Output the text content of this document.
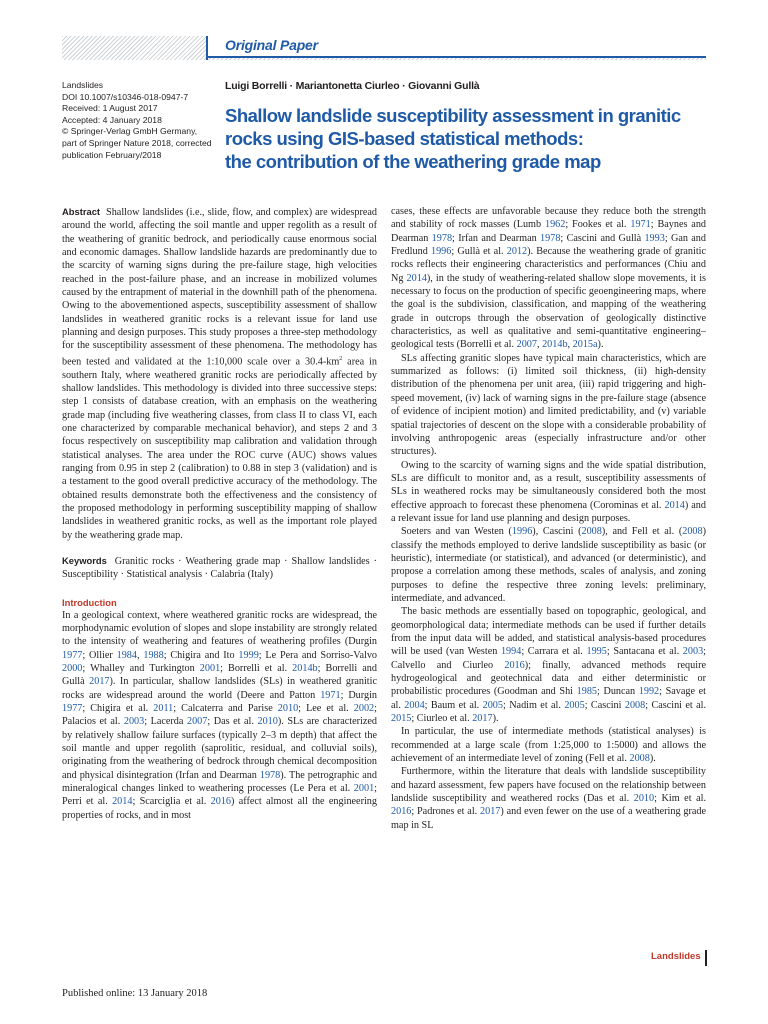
Original Paper
Landslides
DOI 10.1007/s10346-018-0947-7
Received: 1 August 2017
Accepted: 4 January 2018
© Springer-Verlag GmbH Germany,
part of Springer Nature 2018, corrected
publication February/2018
Luigi Borrelli · Mariantonetta Ciurleo · Giovanni Gullà
Shallow landslide susceptibility assessment in granitic
rocks using GIS-based statistical methods:
the contribution of the weathering grade map

Abstract Shallow landslides (i.e., slide, flow, and complex) are widespread around the world, affecting the soil mantle and upper regolith as a result of the weathering of granitic bedrock, and periodically cause enormous social and economic damages. Shallow landslide hazards are predominantly due to the scarcity of warning signs during the pre-failure stage, high velocities reached in the post-failure phase, and an increase in mobilized volumes caused by the entrapment of material in the downhill path of the phenomena. Owing to the abovementioned aspects, susceptibility assessment of shallow landslides in weathered granitic rocks is a relevant issue for land use planning and design purposes. This study proposes a three-step methodology for the susceptibility assessment of these phenomena. The methodology has been tested and validated at the 1:10,000 scale over a $30.4-km^2$ area in southern Italy, where weathered granitic rocks are periodically affected by shallow landslides. This methodology is divided into three successive steps: step 1 consists of database creation, with an emphasis on the weathering grade map (including five weathering classes, from class II to class VI, each one characterized by comparable mechanical behavior), and steps 2 and 3 focus respectively on susceptibility map calibration and validation through statistical analyses. The area under the ROC curve (AUC) shows values ranging from 0.95 in step 2 (calibration) to 0.88 in step 3 (validation) and is a testament to the good overall predictive accuracy of the methodology. The obtained results demonstrate both the effectiveness and the consistency of the proposed methodology in performing susceptibility mapping of shallow landslides in weathered granitic rocks, as well as the important role played by the weathering grade map.

Keywords Granitic rocks · Weathering grade map · Shallow landslides · Susceptibility · Statistical analysis · Calabria (Italy)

Introduction

In a geological context, where weathered granitic rocks are widespread, the morphodynamic evolution of slopes and slope instability are strongly related to the intensity of weathering and features of weathering profiles (Durgin 1977; Ollier 1984, 1988; Chigira and Ito 1999; Le Pera and Sorriso-Valvo 2000; Whalley and Turkington 2001; Borrelli et al. 2014b; Borrelli and Gullà 2017). In particular, shallow landslides (SLs) in weathered granitic rocks are widespread around the world (Deere and Patton 1971; Durgin 1977; Chigira et al. 2011; Calcaterra and Parise 2010; Lee et al. 2002; Palacios et al. 2003; Lacerda 2007; Das et al. 2010). SLs are characterized by relatively shallow failure surfaces (typically 2–3 m depth) that affect the soil mantle and upper regolith (saprolitic, residual, and colluvial soils), originating from the weathering of bedrock through chemical decomposition and physical disintegration (Irfan and Dearman 1978). The petrographic and mineralogical changes linked to weathering processes (Le Pera et al. 2001; Perri et al. 2014; Scarciglia et al. 2016) affect almost all the engineering properties of rocks, and in most

cases, these effects are unfavorable because they reduce both the strength and stability of rock masses (Lumb 1962; Fookes et al. 1971; Baynes and Dearman 1978; Irfan and Dearman 1978; Cascini and Gullà 1993; Gan and Fredlund 1996; Gullà et al. 2012). Because the weathering grade of granitic rocks reflects their engineering characteristics and performances (Chiu and Ng 2014), in the study of weathering-related shallow slope movements, it is necessary to focus on the production of specific geoengineering maps, where the goal is the subdivision, classification, and mapping of the weathering grade in outcrops through the observation of geologically distinctive characteristics, as well as qualitative and semi-quantitative engineering–geological tests (Borrelli et al. 2007, 2014b, 2015a).

SLs affecting granitic slopes have typical main characteristics, which are summarized as follows: (i) limited soil thickness, (ii) high-density distribution of the phenomena per unit area, (iii) rapid triggering and high-speed movement, (iv) lack of warning signs in the pre-failure stage (absence of evidence of incipient motion) and limited predictability, and (v) variable spatial trajectories of descent on the slope with a considerable probability of involving anthropogenic areas (especially infrastructure and/or other structures).

Owing to the scarcity of warning signs and the wide spatial distribution, SLs are difficult to monitor and, as a result, susceptibility assessments of SLs in weathered rocks may be simultaneously considered both the most effective approach to forecast these phenomena (Corominas et al. 2014) and a relevant issue for land use planning and design purposes.

Soeters and van Westen (1996), Cascini (2008), and Fell et al. (2008) classify the methods employed to derive landslide susceptibility as basic (or heuristic), intermediate (or statistical), and advanced (or deterministic), and propose a correlation among these methods, scales of analysis, and zoning purposes to define the respective three zoning levels: preliminary, intermediate, and advanced.

The basic methods are essentially based on topographic, geological, and geomorphological data; intermediate methods can be used if further details from the input data will be added, and statistical analysis-based procedures will be used (van Westen 1994; Carrara et al. 1995; Santacana et al. 2003; Calvello and Ciurleo 2016); finally, advanced methods require hydrogeological and geotechnical data and either deterministic or probabilistic procedures (Goodman and Shi 1985; Duncan 1992; Savage et al. 2004; Baum et al. 2005; Nadim et al. 2005; Cascini 2008; Cascini et al. 2015; Ciurleo et al. 2017).

In particular, the use of intermediate methods (statistical analyses) is recommended at a large scale (from 1:25,000 to 1:5000) and allows the achievement of an intermediate level of zoning (Fell et al. 2008).

Furthermore, within the literature that deals with landslide susceptibility and hazard assessment, few papers have focused on the relationship between landslide susceptibility and weathered rocks (Das et al. 2010; Kim et al. 2016; Padrones et al. 2017) and even fewer on the use of a weathering grade map in SL

Landslides
Published online: 13 January 2018
